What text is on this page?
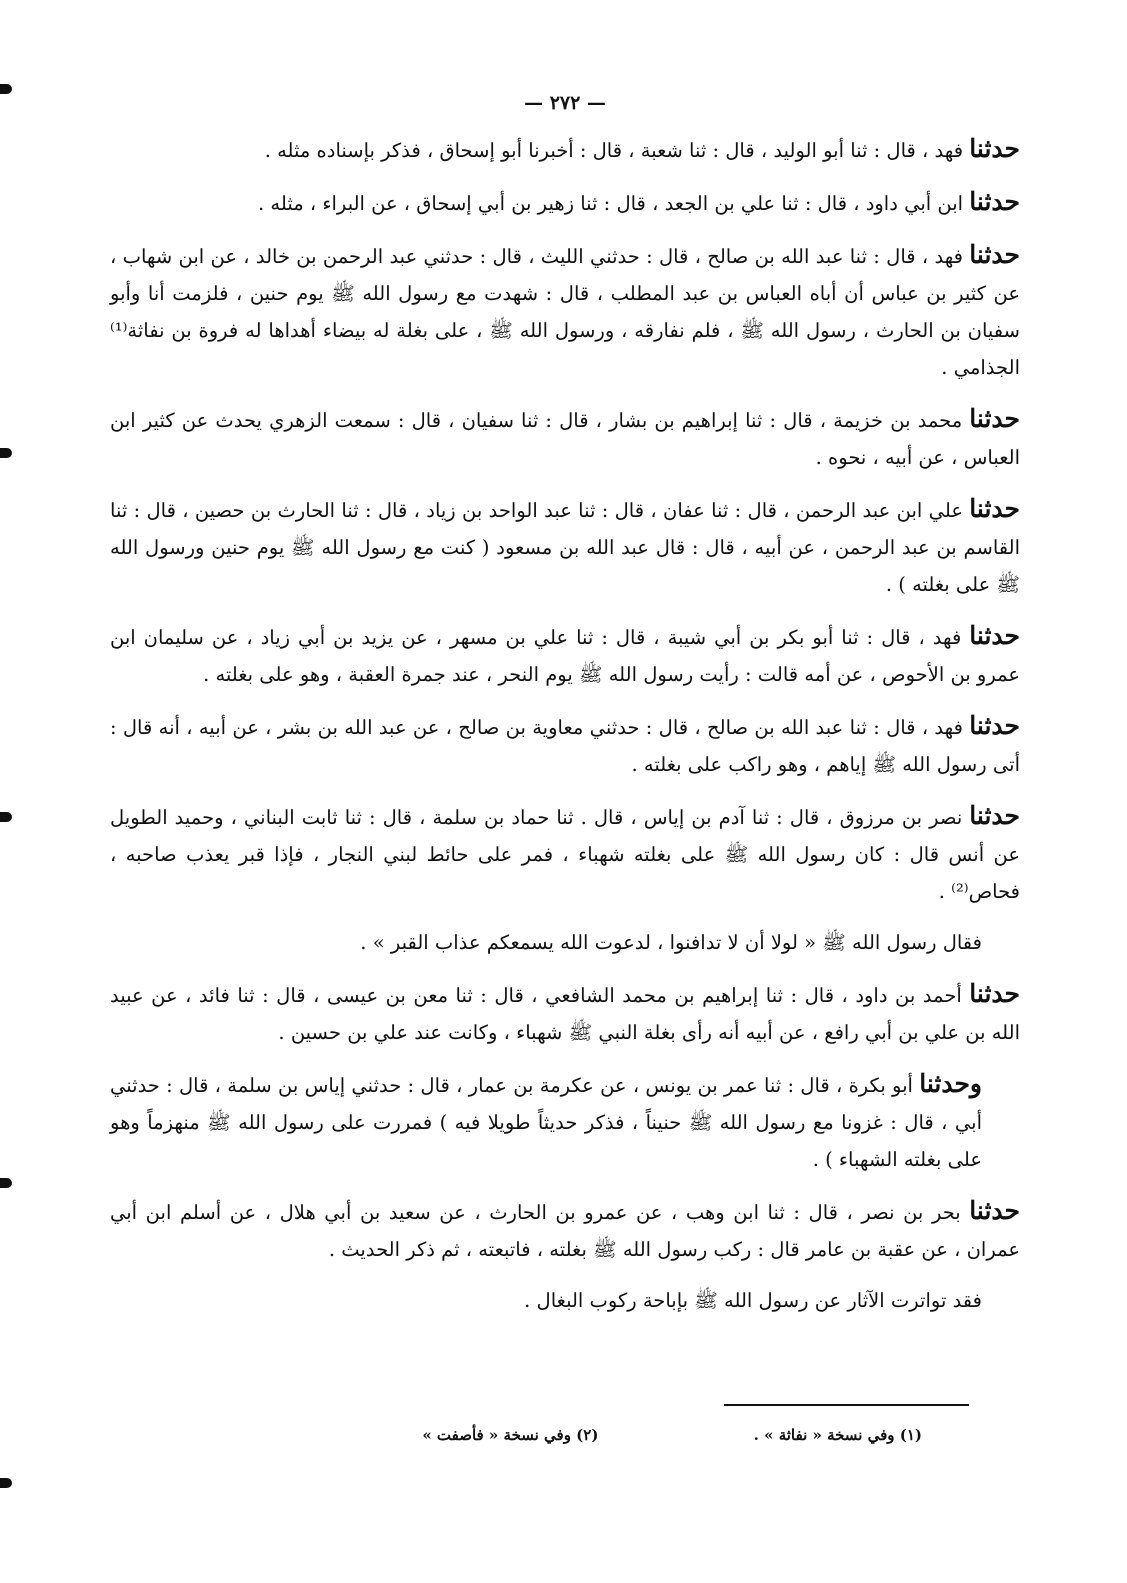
— ٢٧٢ —

حدثنا فهد ، قال : ثنا أبو الوليد ، قال : ثنا شعبة ، قال : أخبرنا أبو إسحاق ، فذكر بإسناده مثله .

حدثنا ابن أبي داود ، قال : ثنا علي بن الجعد ، قال : ثنا زهير بن أبي إسحاق ، عن البراء ، مثله .

حدثنا فهد ، قال : ثنا عبد الله بن صالح ، قال : حدثني الليث ، قال : حدثني عبد الرحمن بن خالد ، عن ابن شهاب ، عن كثير بن عباس أن أباه العباس بن عبد المطلب ، قال : شهدت مع رسول الله ﷺ يوم حنين ، فلزمت أنا وأبو سفيان بن الحارث ، رسول الله ﷺ ، فلم نفارقه ، ورسول الله ﷺ ، على بغلة له بيضاء أهداها له فروة بن نفاثة⁽¹⁾ الجذامي .

حدثنا محمد بن خزيمة ، قال : ثنا إبراهيم بن بشار ، قال : ثنا سفيان ، قال : سمعت الزهري يحدث عن كثير ابن العباس ، عن أبيه ، نحوه .

حدثنا علي ابن عبد الرحمن ، قال : ثنا عفان ، قال : ثنا عبد الواحد بن زياد ، قال : ثنا الحارث بن حصين ، قال : ثنا القاسم بن عبد الرحمن ، عن أبيه ، قال : قال عبد الله بن مسعود ( كنت مع رسول الله ﷺ يوم حنين ورسول الله ﷺ على بغلته ) .

حدثنا فهد ، قال : ثنا أبو بكر بن أبي شيبة ، قال : ثنا علي بن مسهر ، عن يزيد بن أبي زياد ، عن سليمان ابن عمرو بن الأحوص ، عن أمه قالت : رأيت رسول الله ﷺ يوم النحر ، عند جمرة العقبة ، وهو على بغلته .

حدثنا فهد ، قال : ثنا عبد الله بن صالح ، قال : حدثني معاوية بن صالح ، عن عبد الله بن بشر ، عن أبيه ، أنه قال : أتى رسول الله ﷺ إياهم ، وهو راكب على بغلته .

حدثنا نصر بن مرزوق ، قال : ثنا آدم بن إياس ، قال . ثنا حماد بن سلمة ، قال : ثنا ثابت البناني ، وحميد الطويل عن أنس قال : كان رسول الله ﷺ على بغلته شهباء ، فمر على حائط لبني النجار ، فإذا قبر يعذب صاحبه ، فحاص⁽²⁾ .

فقال رسول الله ﷺ « لولا أن لا تدافنوا ، لدعوت الله يسمعكم عذاب القبر » .

حدثنا أحمد بن داود ، قال : ثنا إبراهيم بن محمد الشافعي ، قال : ثنا معن بن عيسى ، قال : ثنا فائد ، عن عبيد الله بن علي بن أبي رافع ، عن أبيه أنه رأى بغلة النبي ﷺ شهباء ، وكانت عند علي بن حسين .

وحدثنا أبو بكرة ، قال : ثنا عمر بن يونس ، عن عكرمة بن عمار ، قال : حدثني إياس بن سلمة ، قال : حدثني أبي ، قال : غزونا مع رسول الله ﷺ حنيناً ، فذكر حديثاً طويلا فيه ) فمررت على رسول الله ﷺ منهزماً وهو على بغلته الشهباء ) .

حدثنا بحر بن نصر ، قال : ثنا ابن وهب ، عن عمرو بن الحارث ، عن سعيد بن أبي هلال ، عن أسلم ابن أبي عمران ، عن عقبة بن عامر قال : ركب رسول الله ﷺ بغلته ، فاتبعته ، ثم ذكر الحديث .

فقد تواترت الآثار عن رسول الله ﷺ بإباحة ركوب البغال .

(١) وفي نسخة « نفاثة » . (٢) وفي نسخة « فأصفت »
